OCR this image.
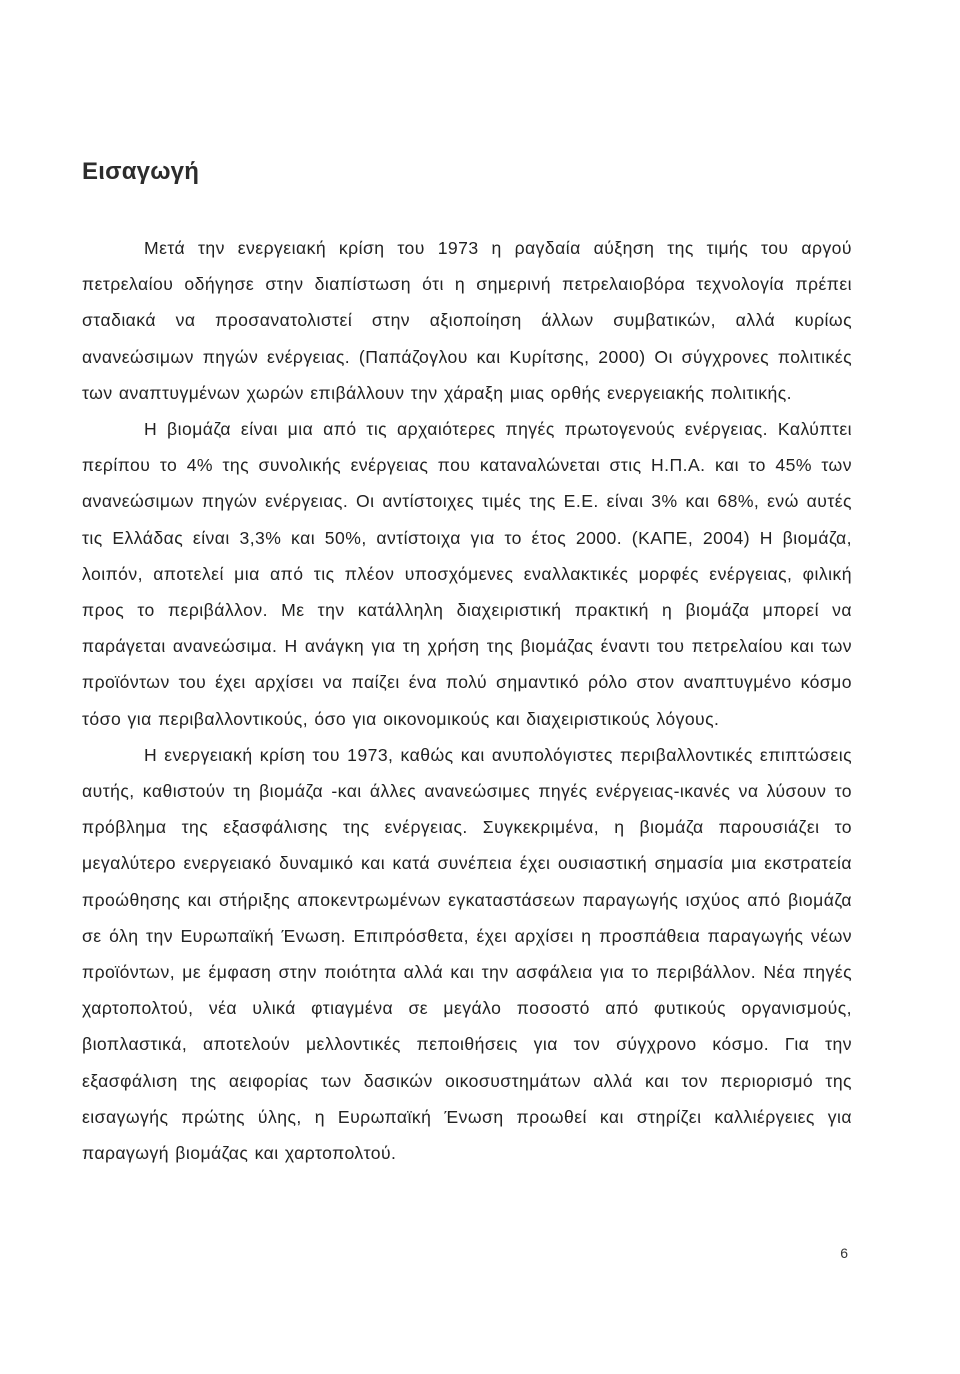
Εισαγωγή

Μετά την ενεργειακή κρίση του 1973 η ραγδαία αύξηση της τιμής του αργού πετρελαίου οδήγησε στην διαπίστωση ότι η σημερινή πετρελαιοβόρα τεχνολογία πρέπει σταδιακά να προσανατολιστεί στην αξιοποίηση άλλων συμβατικών, αλλά κυρίως ανανεώσιμων πηγών ενέργειας. (Παπάζογλου και Κυρίτσης, 2000) Οι σύγχρονες πολιτικές των αναπτυγμένων χωρών επιβάλλουν την χάραξη μιας ορθής ενεργειακής πολιτικής.

Η βιομάζα είναι μια από τις αρχαιότερες πηγές πρωτογενούς ενέργειας. Καλύπτει περίπου το 4% της συνολικής ενέργειας που καταναλώνεται στις Η.Π.Α. και το 45% των ανανεώσιμων πηγών ενέργειας. Οι αντίστοιχες τιμές της Ε.Ε. είναι 3% και 68%, ενώ αυτές τις Ελλάδας είναι 3,3% και 50%, αντίστοιχα για το έτος 2000. (ΚΑΠΕ, 2004) Η βιομάζα, λοιπόν, αποτελεί μια από τις πλέον υποσχόμενες εναλλακτικές μορφές ενέργειας, φιλική προς το περιβάλλον. Με την κατάλληλη διαχειριστική πρακτική η βιομάζα μπορεί να παράγεται ανανεώσιμα. Η ανάγκη για τη χρήση της βιομάζας έναντι του πετρελαίου και των προϊόντων του έχει αρχίσει να παίζει ένα πολύ σημαντικό ρόλο στον αναπτυγμένο κόσμο τόσο για περιβαλλοντικούς, όσο για οικονομικούς και διαχειριστικούς λόγους.

Η ενεργειακή κρίση του 1973, καθώς και ανυπολόγιστες περιβαλλοντικές επιπτώσεις αυτής, καθιστούν τη βιομάζα -και άλλες ανανεώσιμες πηγές ενέργειας-ικανές να λύσουν το πρόβλημα της εξασφάλισης της ενέργειας. Συγκεκριμένα, η βιομάζα παρουσιάζει το μεγαλύτερο ενεργειακό δυναμικό και κατά συνέπεια έχει ουσιαστική σημασία μια εκστρατεία προώθησης και στήριξης αποκεντρωμένων εγκαταστάσεων παραγωγής ισχύος από βιομάζα σε όλη την Ευρωπαϊκή Ένωση. Επιπρόσθετα, έχει αρχίσει η προσπάθεια παραγωγής νέων προϊόντων, με έμφαση στην ποιότητα αλλά και την ασφάλεια για το περιβάλλον. Νέα πηγές χαρτοπολτού, νέα υλικά φτιαγμένα σε μεγάλο ποσοστό από φυτικούς οργανισμούς, βιοπλαστικά, αποτελούν μελλοντικές πεποιθήσεις για τον σύγχρονο κόσμο. Για την εξασφάλιση της αειφορίας των δασικών οικοσυστημάτων αλλά και τον περιορισμό της εισαγωγής πρώτης ύλης, η Ευρωπαϊκή Ένωση προωθεί και στηρίζει καλλιέργειες για παραγωγή βιομάζας και χαρτοπολτού.

6
